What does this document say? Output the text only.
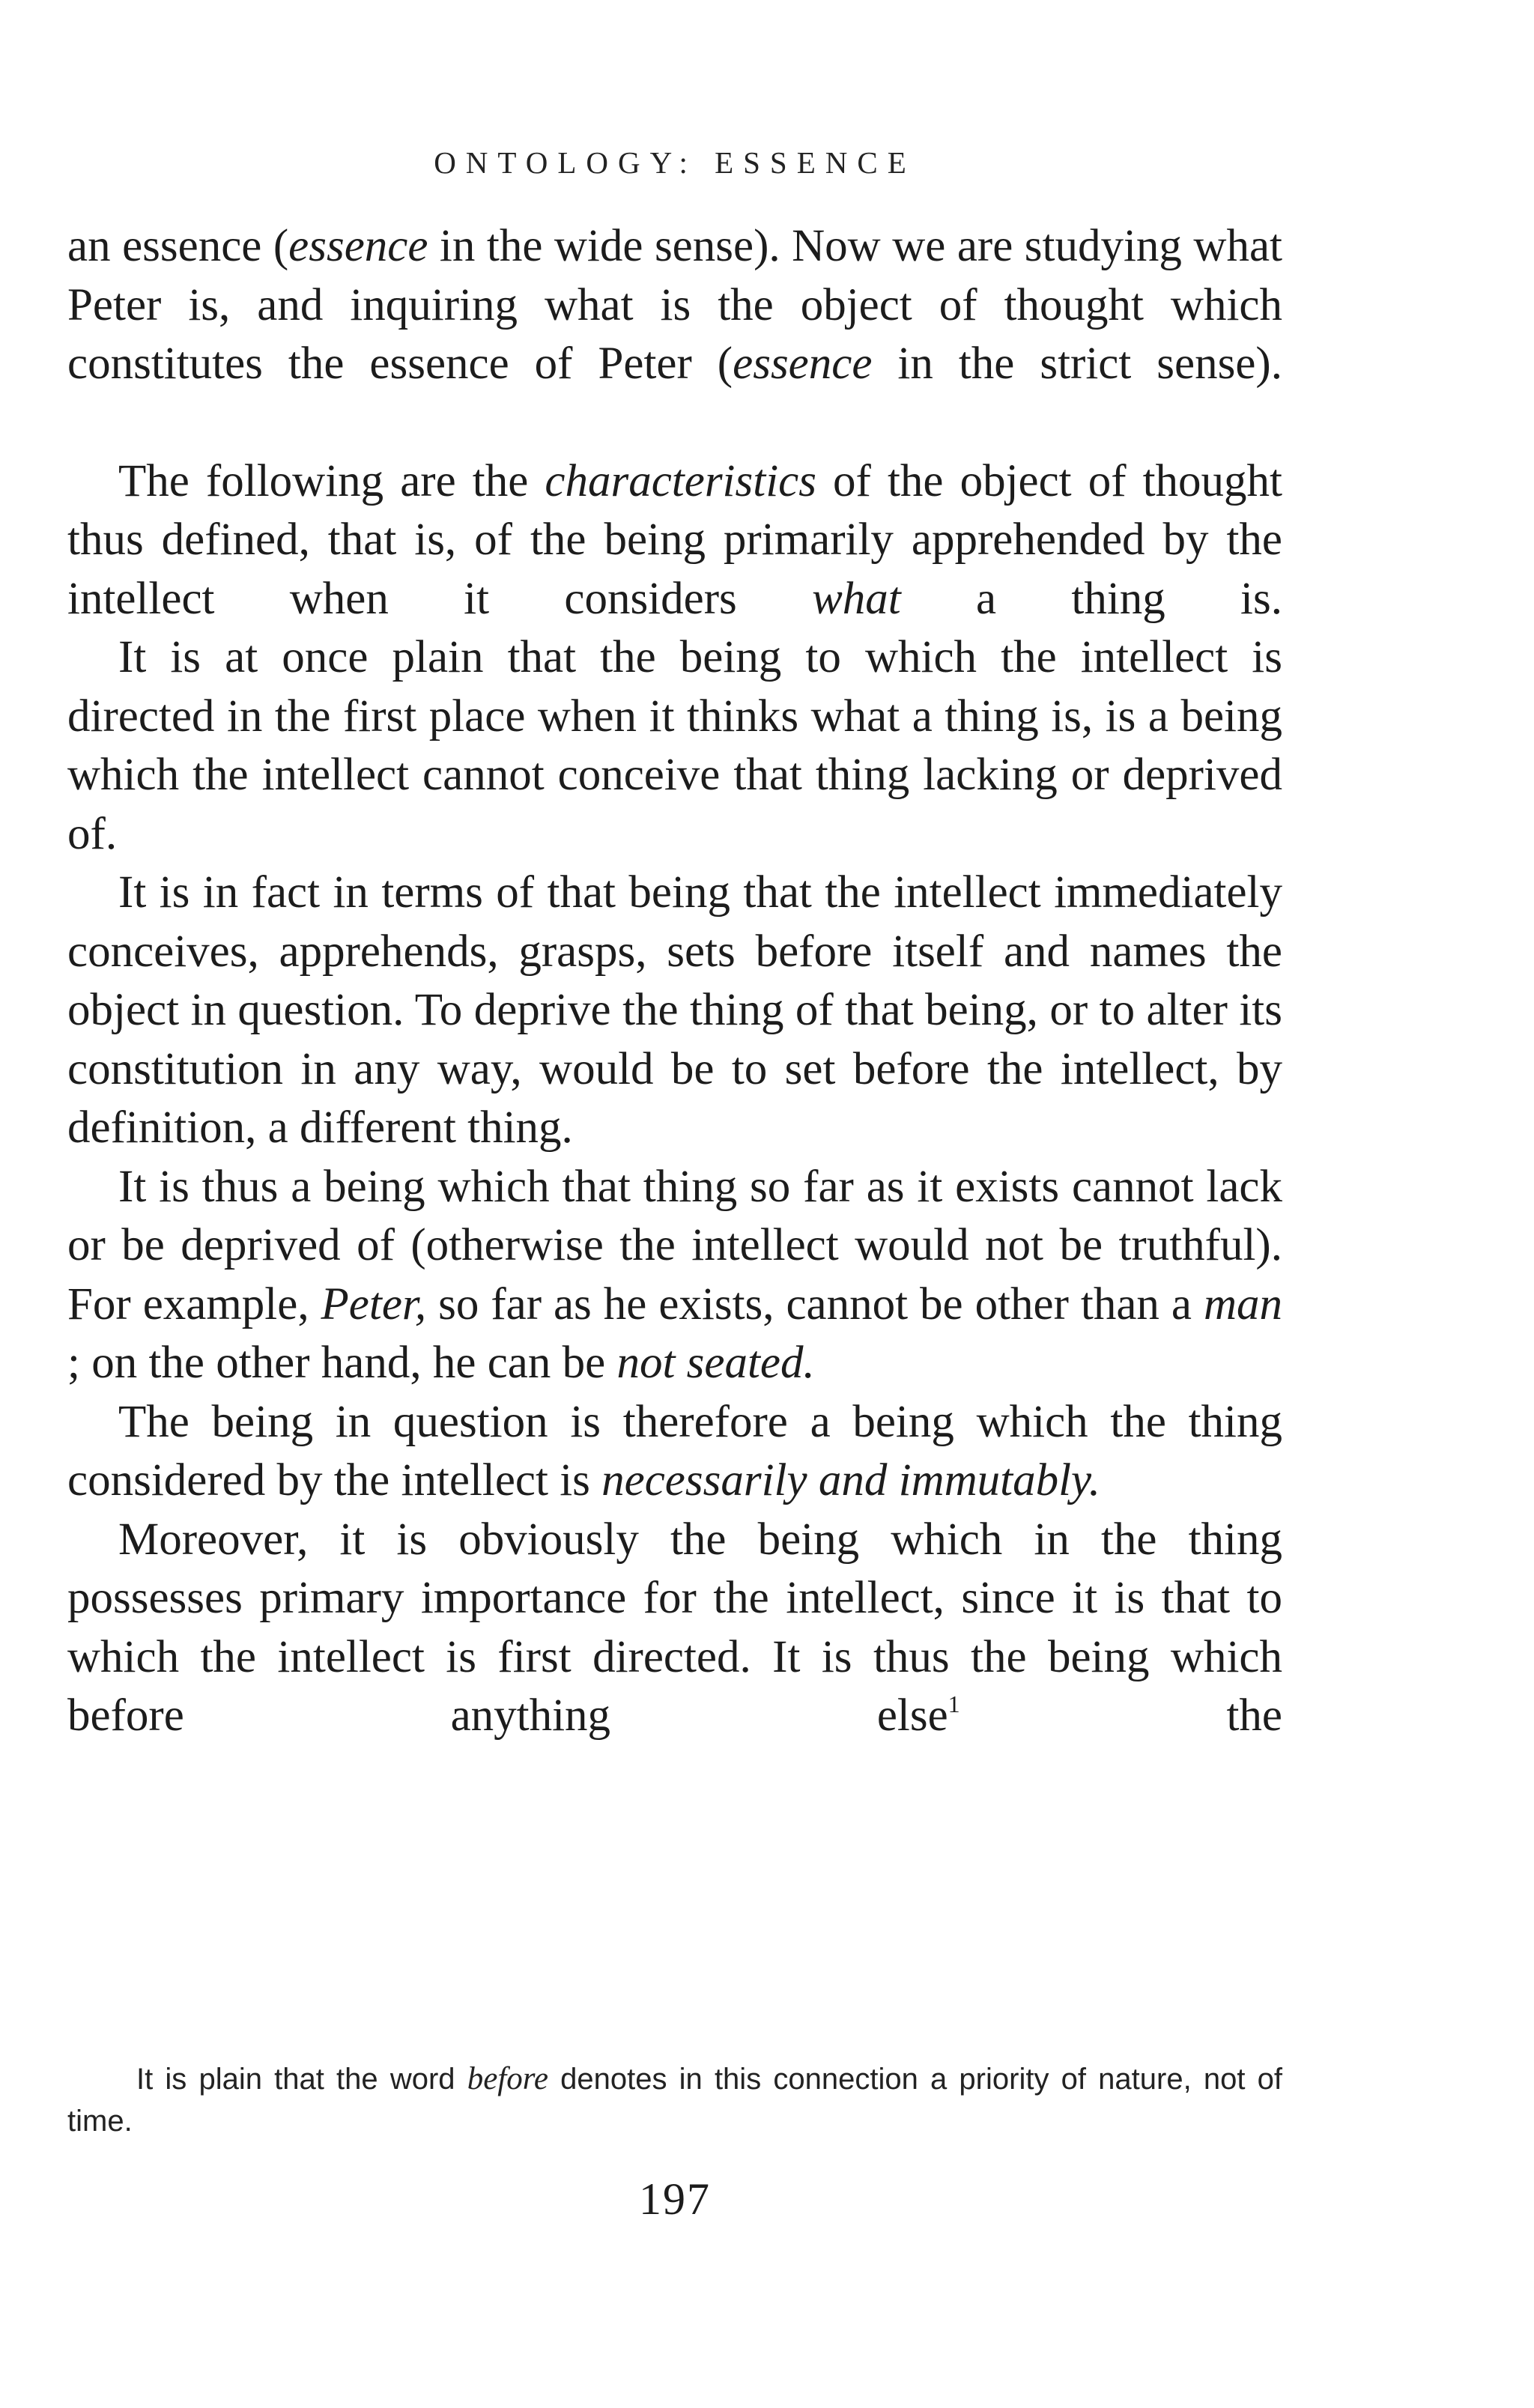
ONTOLOGY: ESSENCE

an essence (essence in the wide sense). Now we are studying what Peter is, and inquiring what is the object of thought which constitutes the essence of Peter (essence in the strict sense).

The following are the characteristics of the object of thought thus defined, that is, of the being primarily apprehended by the intellect when it considers what a thing is.

It is at once plain that the being to which the intellect is directed in the first place when it thinks what a thing is, is a being which the intellect cannot conceive that thing lacking or deprived of.

It is in fact in terms of that being that the intellect immediately conceives, apprehends, grasps, sets before itself and names the object in question. To deprive the thing of that being, or to alter its constitution in any way, would be to set before the intellect, by definition, a different thing.

It is thus a being which that thing so far as it exists cannot lack or be deprived of (otherwise the intellect would not be truthful). For example, Peter, so far as he exists, cannot be other than a man ; on the other hand, he can be not seated.

The being in question is therefore a being which the thing considered by the intellect is necessarily and immutably.

Moreover, it is obviously the being which in the thing possesses primary importance for the intellect, since it is that to which the intellect is first directed. It is thus the being which before anything else$^1$ the

It is plain that the word before denotes in this connection a priority of nature, not of time.

197
